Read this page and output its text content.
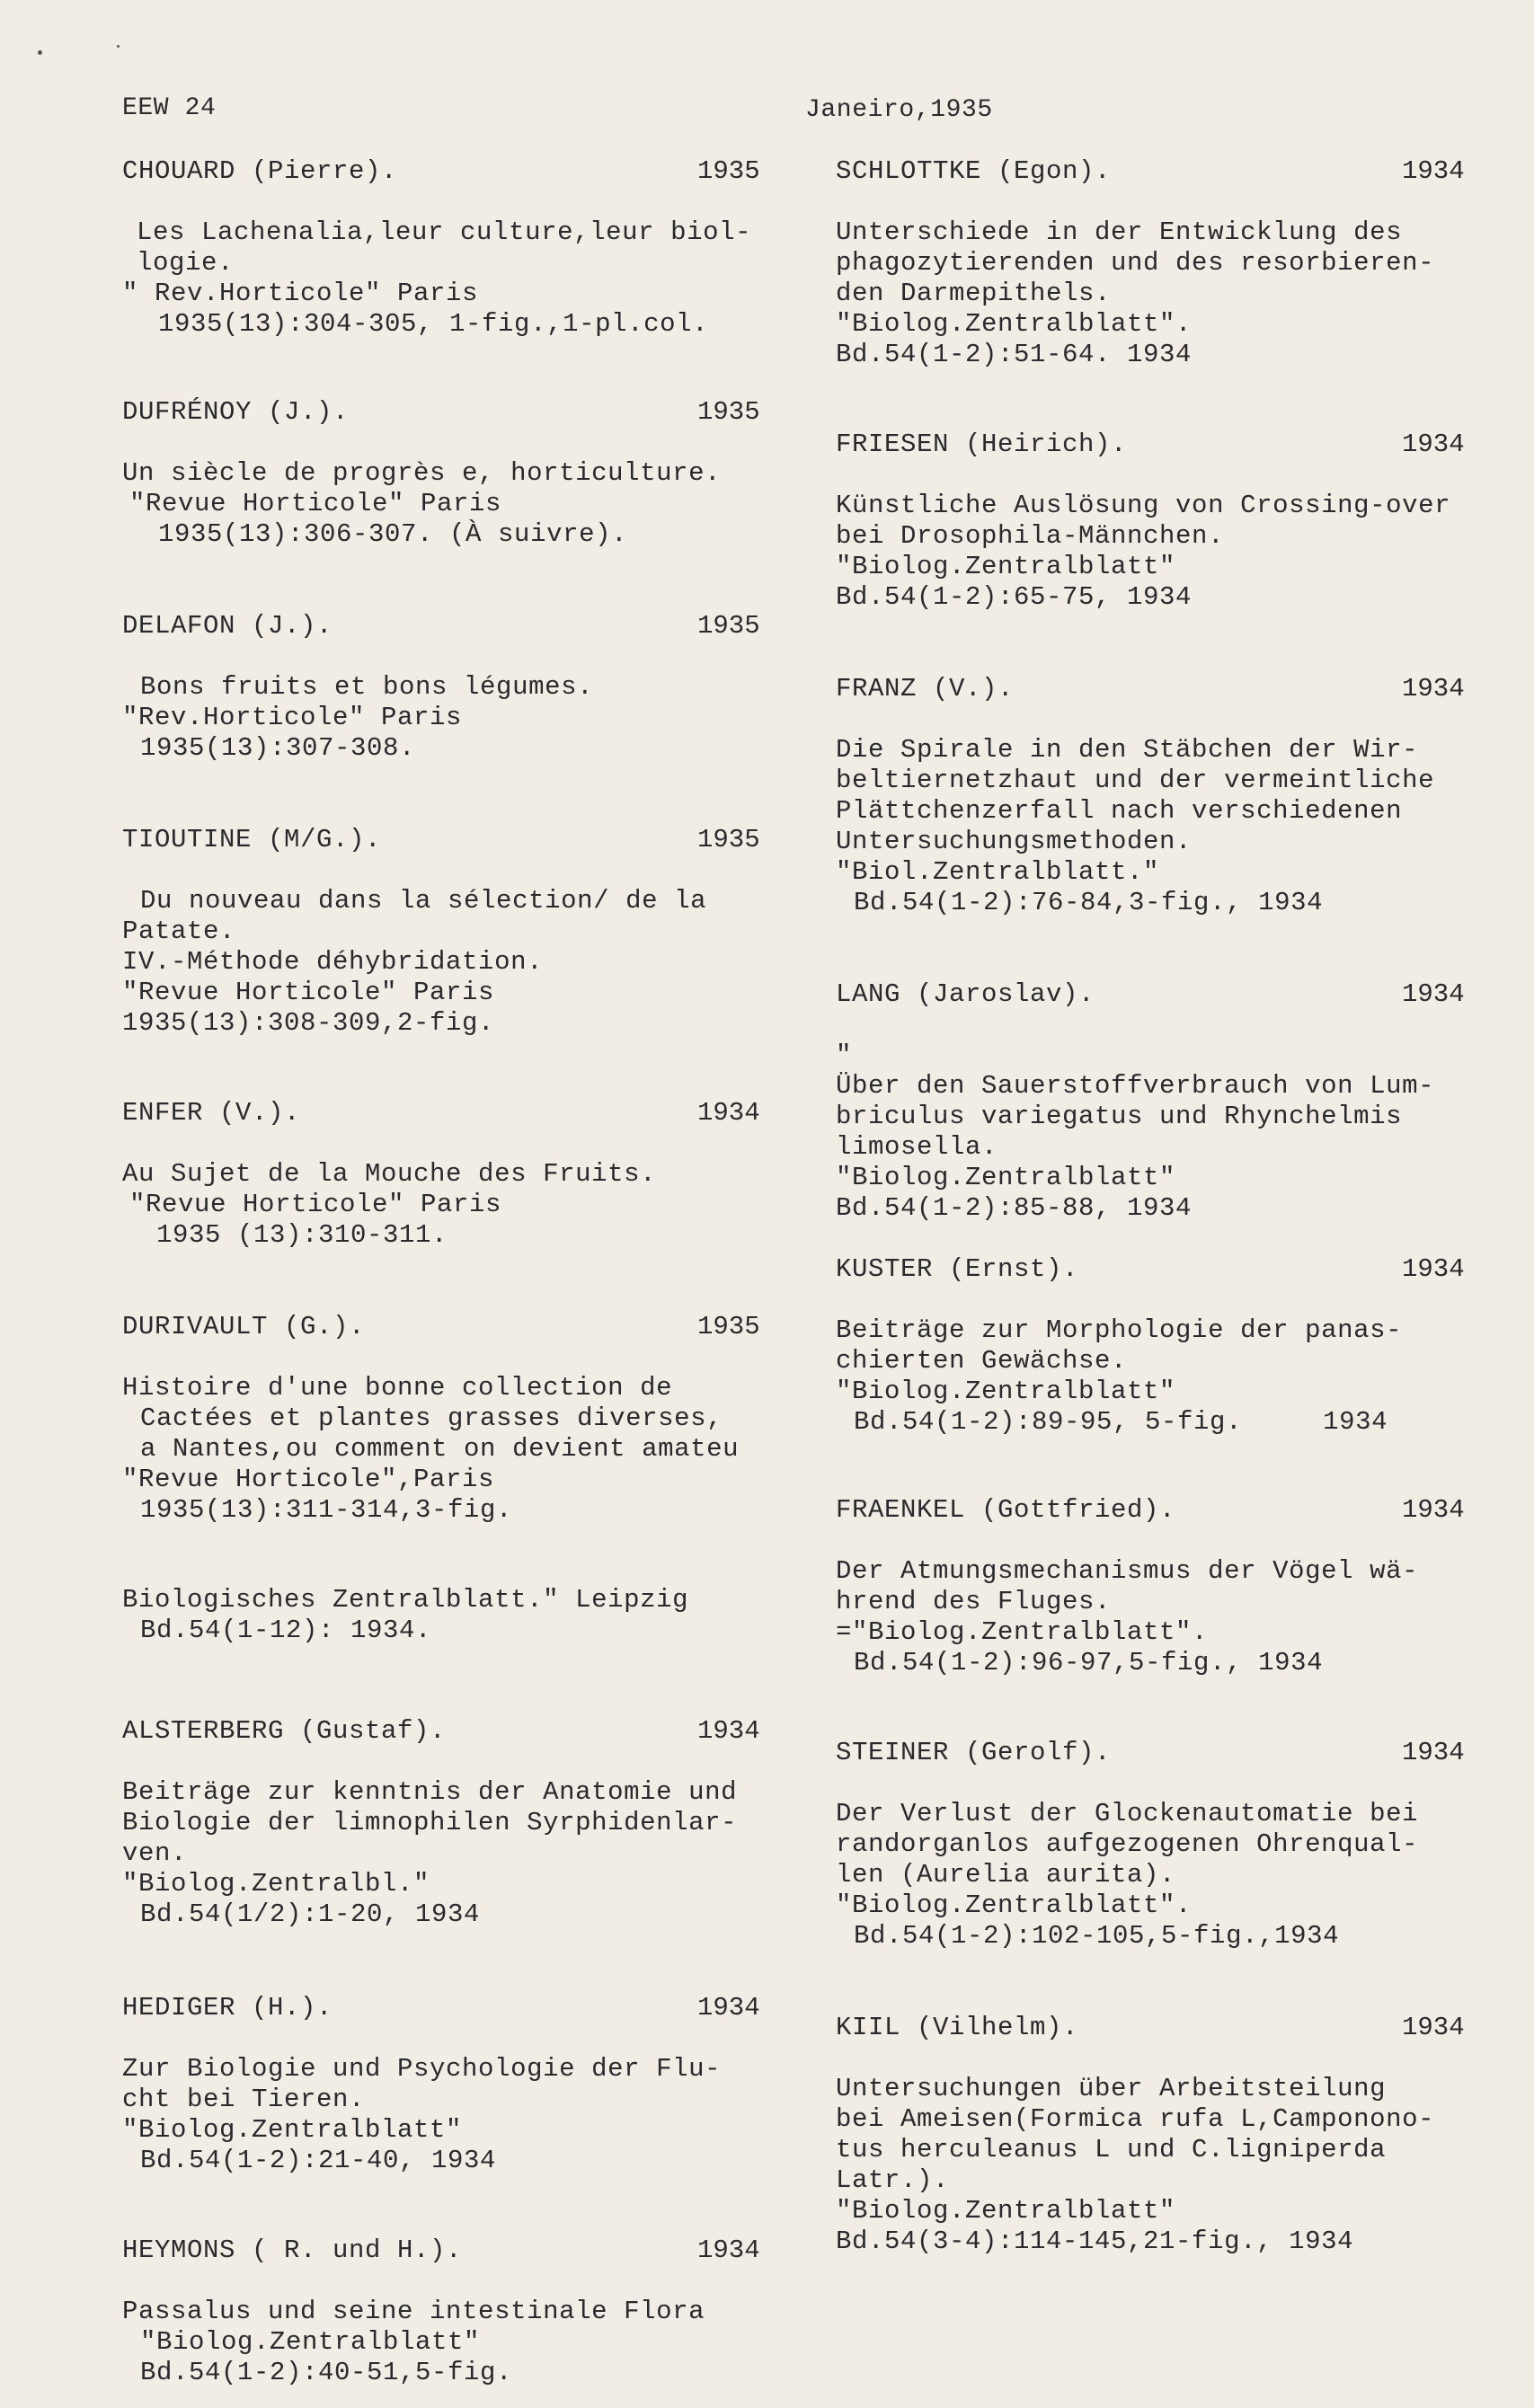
EEW 24	Janeiro,1935
CHOUARD (Pierre).	1935
Les Lachenalia,leur culture,leur biol-
logie.
" Rev.Horticole" Paris
1935(13):304-305, 1-fig.,1-pl.col.
DUFRÉNOY (J.).	1935
Un siècle de progrès e, horticulture.
"Revue Horticole" Paris
1935(13):306-307. (À suivre).
DELAFON (J.).	1935
Bons fruits et bons légumes.
"Rev.Horticole" Paris
1935(13):307-308.
TIOUTINE (M/G.).	1935
Du nouveau dans la sélection/ de la
Patate.
IV.-Méthode déhybridation.
"Revue Horticole" Paris
1935(13):308-309,2-fig.
ENFER (V.).	1934
Au Sujet de la Mouche des Fruits.
"Revue Horticole" Paris
1935 (13):310-311.
DURIVAULT (G.).	1935
Histoire d'une bonne collection de
Cactées et plantes grasses diverses,
a Nantes,ou comment on devient amateu
"Revue Horticole",Paris
1935(13):311-314,3-fig.
Biologisches Zentralblatt." Leipzig
Bd.54(1-12): 1934.
ALSTERBERG (Gustaf).	1934
Beiträge zur kenntnis der Anatomie und
Biologie der limnophilen Syrphidenlar-
ven.
"Biolog.Zentralbl."
Bd.54(1/2):1-20, 1934
HEDIGER (H.).	1934
Zur Biologie und Psychologie der Flu-
cht bei Tieren.
"Biolog.Zentralblatt"
Bd.54(1-2):21-40, 1934
HEYMONS ( R. und H.).	1934
Passalus und seine intestinale Flora
"Biolog.Zentralblatt"
Bd.54(1-2):40-51,5-fig.
SCHLOTTKE (Egon).	1934
Unterschiede in der Entwicklung des
phagozytierenden und des resorbieren-
den Darmepithels.
"Biolog.Zentralblatt".
Bd.54(1-2):51-64. 1934
FRIESEN (Heirich).	1934
Künstliche Auslösung von Crossing-over
bei Drosophila-Männchen.
"Biolog.Zentralblatt"
Bd.54(1-2):65-75, 1934
FRANZ (V.).	1934
Die Spirale in den Stäbchen der Wir-
beltiernetzhaut und der vermeintliche
Plättchenzerfall nach verschiedenen
Untersuchungsmethoden.
"Biol.Zentralblatt."
Bd.54(1-2):76-84,3-fig., 1934
LANG (Jaroslav).	1934
"
Über den Sauerstoffverbrauch von Lum-
briculus variegatus und Rhynchelmis
limosella.
"Biolog.Zentralblatt"
Bd.54(1-2):85-88, 1934
KUSTER (Ernst).	1934
Beiträge zur Morphologie der panas-
chierten Gewächse.
"Biolog.Zentralblatt"
Bd.54(1-2):89-95, 5-fig.     1934
FRAENKEL (Gottfried).	1934
Der Atmungsmechanismus der Vögel wä-
hrend des Fluges.
="Biolog.Zentralblatt".
Bd.54(1-2):96-97,5-fig., 1934
STEINER (Gerolf).	1934
Der Verlust der Glockenautomatie bei
randorganlos aufgezogenen Ohrenqual-
len (Aurelia aurita).
"Biolog.Zentralblatt".
Bd.54(1-2):102-105,5-fig.,1934
KIIL (Vilhelm).	1934
Untersuchungen über Arbeitsteilung
bei Ameisen(Formica rufa L,Camponono-
tus herculeanus L und C.ligniperda
Latr.).
"Biolog.Zentralblatt"
Bd.54(3-4):114-145,21-fig., 1934
